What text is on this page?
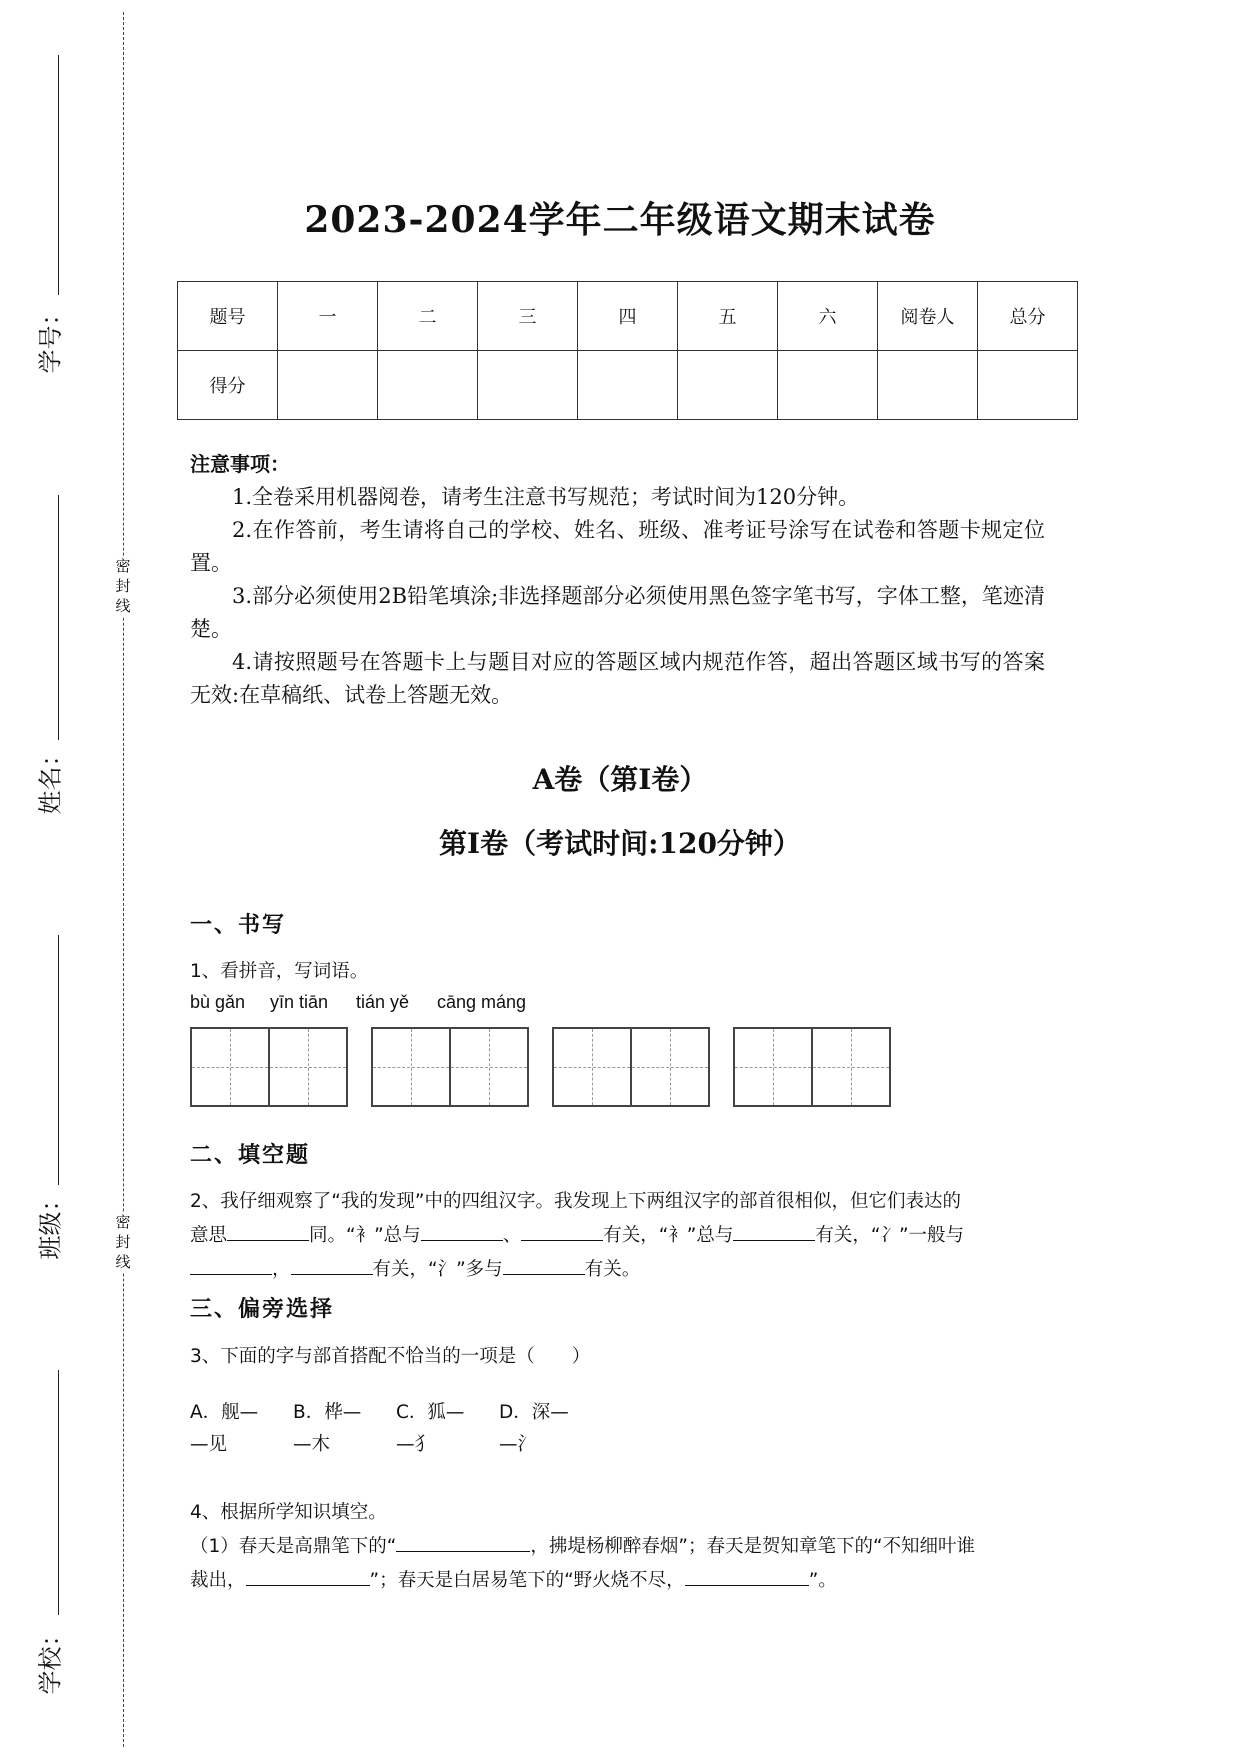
密
封
线
密
封
线
学号：
姓名：
班级：
学校：
2023-2024学年二年级语文期末试卷
题号	一	二	三	四	五	六	阅卷人	总分
得分								
注意事项：

1.全卷采用机器阅卷，请考生注意书写规范；考试时间为120分钟。

2.在作答前，考生请将自己的学校、姓名、班级、准考证号涂写在试卷和答题卡规定位置。

3.部分必须使用2B铅笔填涂;非选择题部分必须使用黑色签字笔书写，字体工整，笔迹清楚。

4.请按照题号在答题卡上与题目对应的答题区域内规范作答，超出答题区域书写的答案无效:在草稿纸、试卷上答题无效。

A卷（第Ⅰ卷）
第Ⅰ卷（考试时间:120分钟）
一、书写
1、看拼音，写词语。
bù gǎn yīn tiān tián yě cāng máng
二、填空题

2、我仔细观察了“我的发现”中的四组汉字。我发现上下两组汉字的部首很相似，但它们表达的

意思	同。“衤”总与	、	有关，“衤”总与	有关，“冫”一般与

，	有关，“氵”多与	有关。

三、偏旁选择
3、下面的字与部首搭配不恰当的一项是（　　）
A．舰—
—见
B．桦—
—木
C．狐—
—犭
D．深—
—氵

4、根据所学知识填空。

（1）春天是高鼎笔下的“	，拂堤杨柳醉春烟”；春天是贺知章笔下的“不知细叶谁

裁出，	”；春天是白居易笔下的“野火烧不尽，	”。
